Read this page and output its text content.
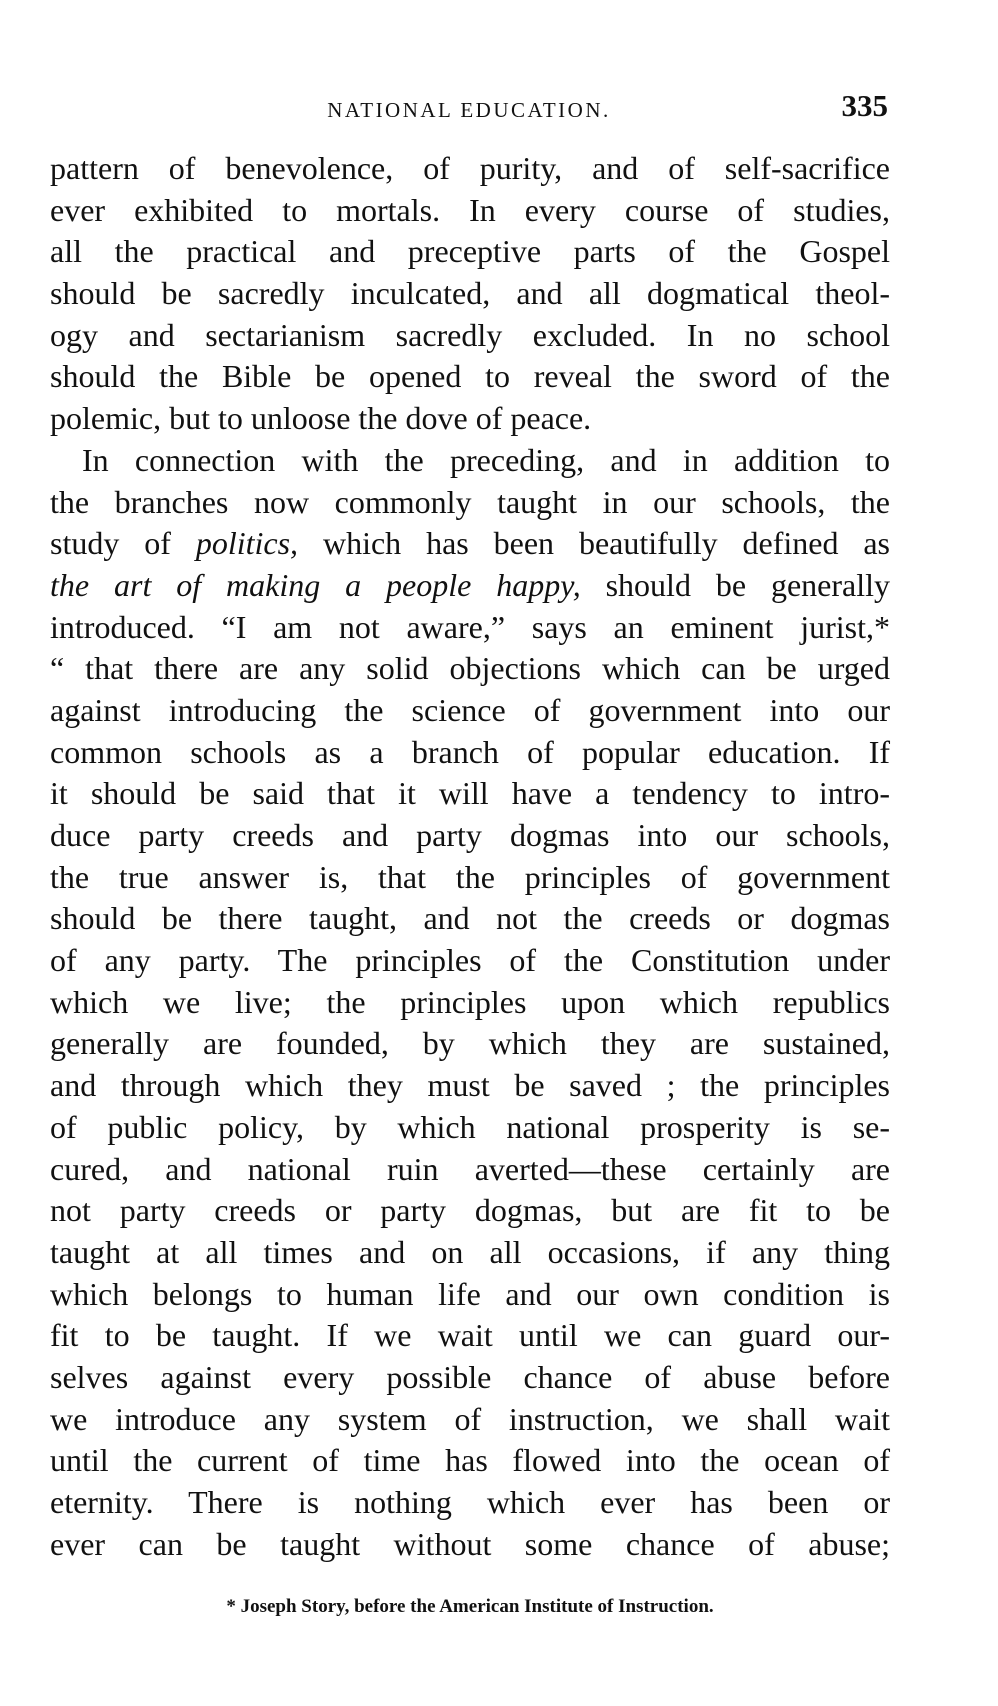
NATIONAL EDUCATION.	335
pattern of benevolence, of purity, and of self-sacrifice
ever exhibited to mortals. In every course of studies,
all the practical and preceptive parts of the Gospel
should be sacredly inculcated, and all dogmatical theol-
ogy and sectarianism sacredly excluded. In no school
should the Bible be opened to reveal the sword of the
polemic, but to unloose the dove of peace.
In connection with the preceding, and in addition to
the branches now commonly taught in our schools, the
study of politics, which has been beautifully defined as
the art of making a people happy, should be generally
introduced. “I am not aware,” says an eminent jurist,*
“ that there are any solid objections which can be urged
against introducing the science of government into our
common schools as a branch of popular education. If
it should be said that it will have a tendency to intro-
duce party creeds and party dogmas into our schools,
the true answer is, that the principles of government
should be there taught, and not the creeds or dogmas
of any party. The principles of the Constitution under
which we live; the principles upon which republics
generally are founded, by which they are sustained,
and through which they must be saved ; the principles
of public policy, by which national prosperity is se-
cured, and national ruin averted—these certainly are
not party creeds or party dogmas, but are fit to be
taught at all times and on all occasions, if any thing
which belongs to human life and our own condition is
fit to be taught. If we wait until we can guard our-
selves against every possible chance of abuse before
we introduce any system of instruction, we shall wait
until the current of time has flowed into the ocean of
eternity. There is nothing which ever has been or
ever can be taught without some chance of abuse;
* Joseph Story, before the American Institute of Instruction.
